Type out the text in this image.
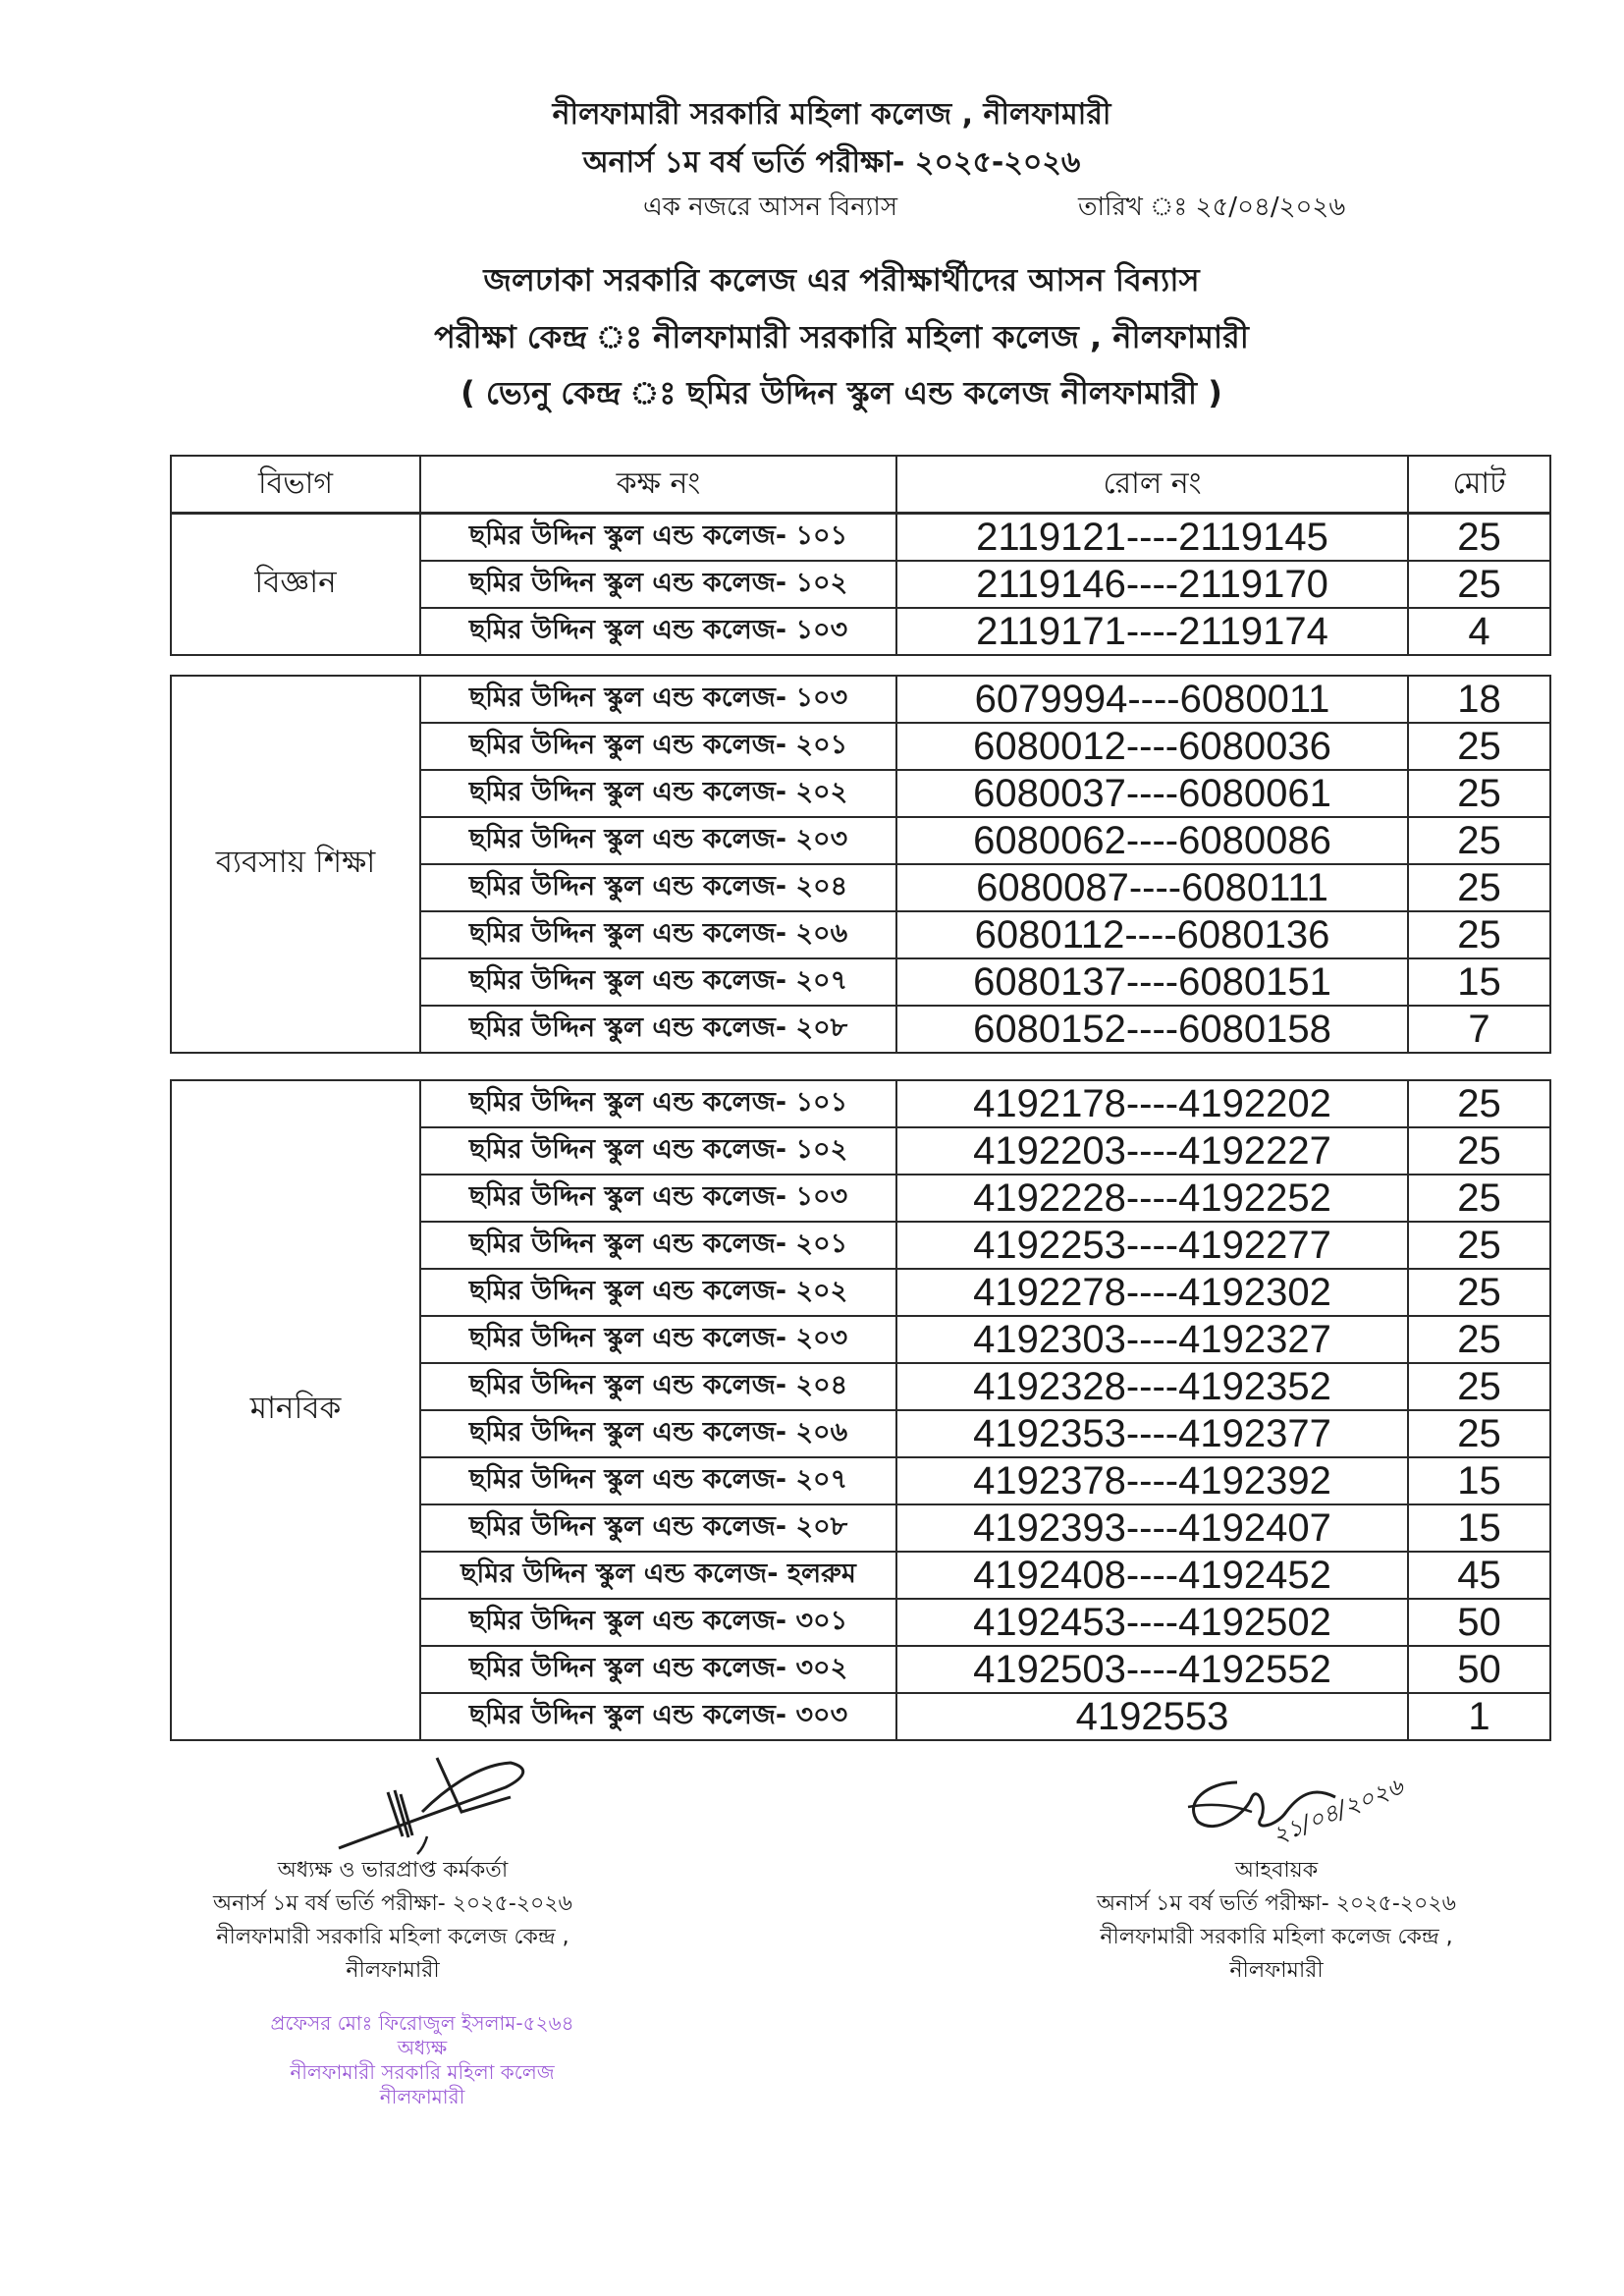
নীলফামারী সরকারি মহিলা কলেজ , নীলফামারী
অনার্স ১ম বর্ষ ভর্তি পরীক্ষা- ২০২৫-২০২৬
এক নজরে আসন বিন্যাস	তারিখ ঃ ২৫/০৪/২০২৬
জলঢাকা সরকারি কলেজ এর পরীক্ষার্থীদের আসন বিন্যাস
পরীক্ষা কেন্দ্র ঃ নীলফামারী সরকারি মহিলা কলেজ , নীলফামারী
( ভ্যেনু কেন্দ্র ঃ ছমির উদ্দিন স্কুল এন্ড কলেজ নীলফামারী )
বিভাগ	কক্ষ নং	রোল নং	মোট
বিজ্ঞান	ছমির উদ্দিন স্কুল এন্ড কলেজ- ১০১	2119121----2119145	25
	ছমির উদ্দিন স্কুল এন্ড কলেজ- ১০২	2119146----2119170	25
	ছমির উদ্দিন স্কুল এন্ড কলেজ- ১০৩	2119171----2119174	4
ব্যবসায় শিক্ষা	ছমির উদ্দিন স্কুল এন্ড কলেজ- ১০৩	6079994----6080011	18
	ছমির উদ্দিন স্কুল এন্ড কলেজ- ২০১	6080012----6080036	25
	ছমির উদ্দিন স্কুল এন্ড কলেজ- ২০২	6080037----6080061	25
	ছমির উদ্দিন স্কুল এন্ড কলেজ- ২০৩	6080062----6080086	25
	ছমির উদ্দিন স্কুল এন্ড কলেজ- ২০৪	6080087----6080111	25
	ছমির উদ্দিন স্কুল এন্ড কলেজ- ২০৬	6080112----6080136	25
	ছমির উদ্দিন স্কুল এন্ড কলেজ- ২০৭	6080137----6080151	15
	ছমির উদ্দিন স্কুল এন্ড কলেজ- ২০৮	6080152----6080158	7
মানবিক	ছমির উদ্দিন স্কুল এন্ড কলেজ- ১০১	4192178----4192202	25
	ছমির উদ্দিন স্কুল এন্ড কলেজ- ১০২	4192203----4192227	25
	ছমির উদ্দিন স্কুল এন্ড কলেজ- ১০৩	4192228----4192252	25
	ছমির উদ্দিন স্কুল এন্ড কলেজ- ২০১	4192253----4192277	25
	ছমির উদ্দিন স্কুল এন্ড কলেজ- ২০২	4192278----4192302	25
	ছমির উদ্দিন স্কুল এন্ড কলেজ- ২০৩	4192303----4192327	25
	ছমির উদ্দিন স্কুল এন্ড কলেজ- ২০৪	4192328----4192352	25
	ছমির উদ্দিন স্কুল এন্ড কলেজ- ২০৬	4192353----4192377	25
	ছমির উদ্দিন স্কুল এন্ড কলেজ- ২০৭	4192378----4192392	15
	ছমির উদ্দিন স্কুল এন্ড কলেজ- ২০৮	4192393----4192407	15
	ছমির উদ্দিন স্কুল এন্ড কলেজ- হলরুম	4192408----4192452	45
	ছমির উদ্দিন স্কুল এন্ড কলেজ- ৩০১	4192453----4192502	50
	ছমির উদ্দিন স্কুল এন্ড কলেজ- ৩০২	4192503----4192552	50
	ছমির উদ্দিন স্কুল এন্ড কলেজ- ৩০৩	4192553	1
অধ্যক্ষ ও ভারপ্রাপ্ত কর্মকর্তা
অনার্স ১ম বর্ষ ভর্তি পরীক্ষা- ২০২৫-২০২৬
নীলফামারী সরকারি মহিলা কলেজ কেন্দ্র ,
নীলফামারী
প্রফেসর মোঃ ফিরোজুল ইসলাম-৫২৬৪
অধ্যক্ষ
নীলফামারী সরকারি মহিলা কলেজ
নীলফামারী
২১/০৪/২০২৬
আহবায়ক
অনার্স ১ম বর্ষ ভর্তি পরীক্ষা- ২০২৫-২০২৬
নীলফামারী সরকারি মহিলা কলেজ কেন্দ্র ,
নীলফামারী
